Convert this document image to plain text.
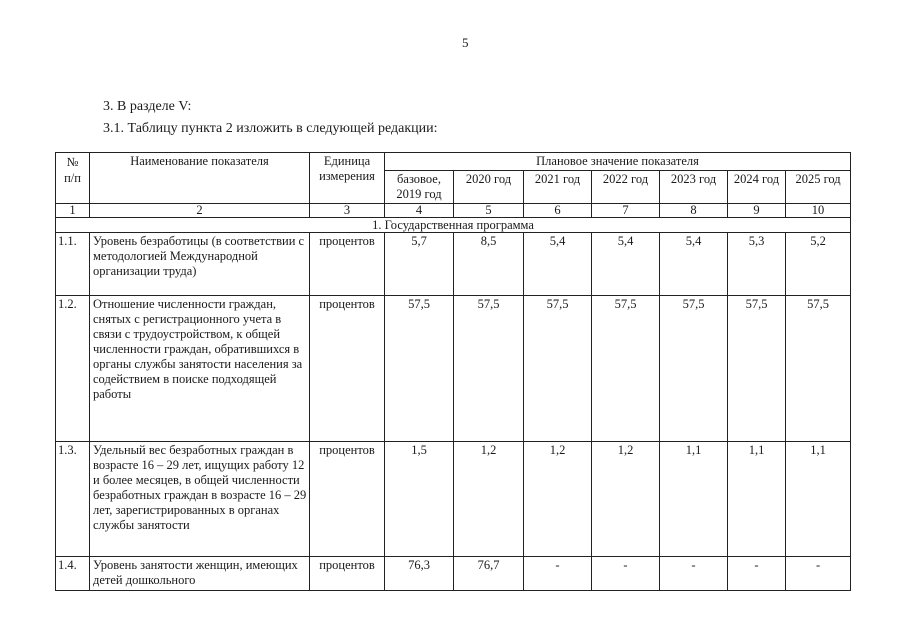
5
3. В разделе V:
3.1. Таблицу пункта 2 изложить в следующей редакции:
№
п/п	Наименование показателя	Единица измерения	Плановое значение показателя						
			базовое, 2019 год	2020 год	2021 год	2022 год	2023 год	2024 год	2025 год
1	2	3	4	5	6	7	8	9	10
1. Государственная программа									
1.1.	Уровень безработицы (в соответствии с методологией Международной организации труда)	процентов	5,7	8,5	5,4	5,4	5,4	5,3	5,2
1.2.	Отношение численности граждан, снятых с регистрационного учета в связи с трудоустройством, к общей численности граждан, обратившихся в органы службы занятости населения за содействием в поиске подходящей работы	процентов	57,5	57,5	57,5	57,5	57,5	57,5	57,5
1.3.	Удельный вес безработных граждан в возрасте 16 – 29 лет, ищущих работу 12 и более месяцев, в общей численности безработных граждан в возрасте 16 – 29 лет, зарегистрированных в органах службы занятости	процентов	1,5	1,2	1,2	1,2	1,1	1,1	1,1
1.4.	Уровень занятости женщин, имеющих детей дошкольного	процентов	76,3	76,7	-	-	-	-	-
